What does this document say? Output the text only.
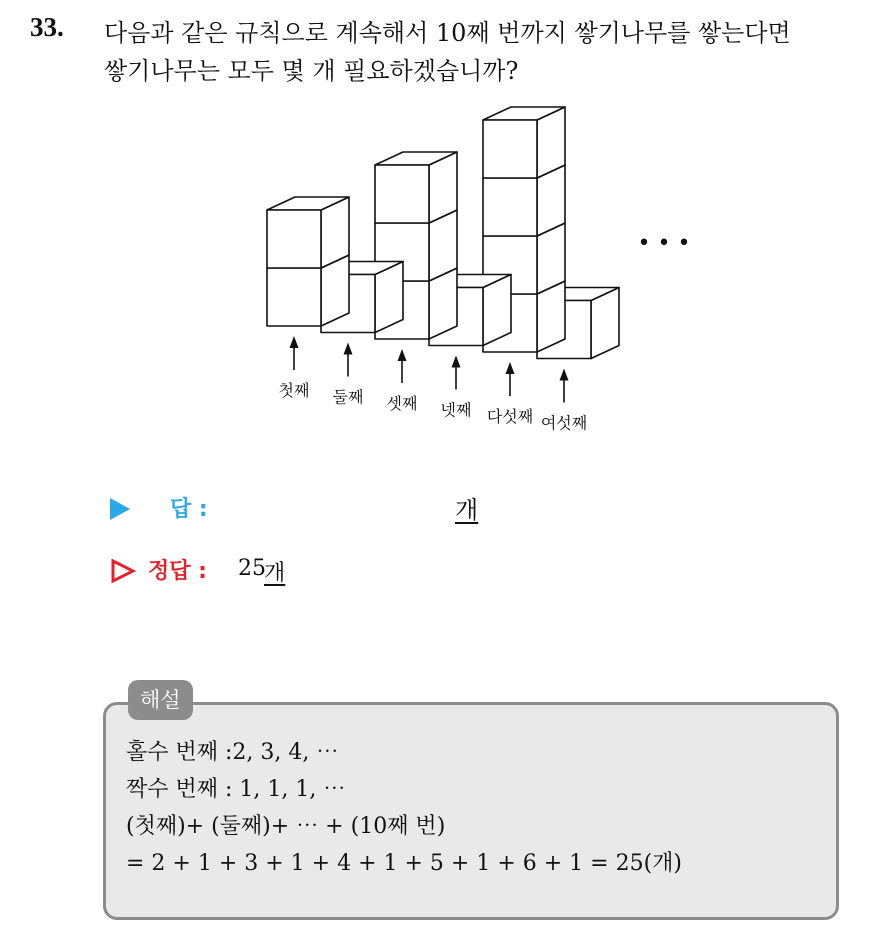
33. 다음과 같은 규칙으로 계속해서 10째 번까지 쌓기나무를 쌓는다면
쌓기나무는 모두 몇 개 필요하겠습니까?
첫째 둘째 셋째 넷째 다섯째 여섯째
• • •
답 :	개
정답 : 25
개
해설
홀수 번째 :2, 3, 4, ⋯
짝수 번째 : 1, 1, 1, ⋯
(첫째)+ (둘째)+ ⋯ + (10째 번)
= 2 + 1 + 3 + 1 + 4 + 1 + 5 + 1 + 6 + 1 = 25(개)
